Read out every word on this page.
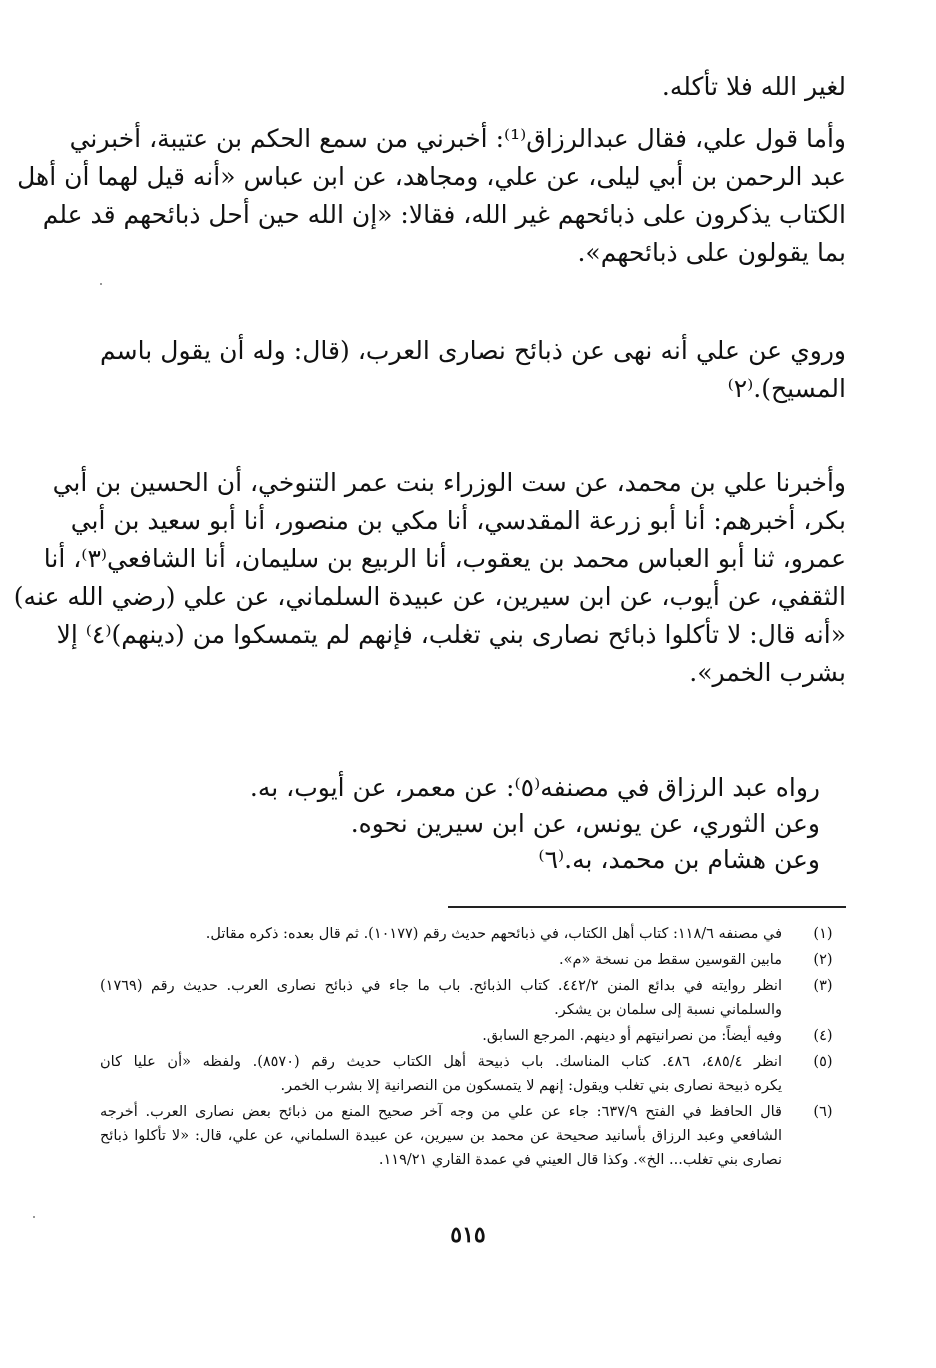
لغير الله فلا تأكله.
وأما قول علي، فقال عبدالرزاق⁽¹⁾: أخبرني من سمع الحكم بن عتيبة، أخبرني
عبد الرحمن بن أبي ليلى، عن علي، ومجاهد، عن ابن عباس «أنه قيل لهما أن أهل
الكتاب يذكرون على ذبائحهم غير الله، فقالا: «إن الله حين أحل ذبائحهم قد علم
بما يقولون على ذبائحهم».
وروي عن علي أنه نهى عن ذبائح نصارى العرب، (قال: وله أن يقول باسم
المسيح).⁽٢⁾
وأخبرنا علي بن محمد، عن ست الوزراء بنت عمر التنوخي، أن الحسين بن أبي
بكر، أخبرهم: أنا أبو زرعة المقدسي، أنا مكي بن منصور، أنا أبو سعيد بن أبي
عمرو، ثنا أبو العباس محمد بن يعقوب، أنا الربيع بن سليمان، أنا الشافعي⁽٣⁾، أنا
الثقفي، عن أيوب، عن ابن سيرين، عن عبيدة السلماني، عن علي (رضي الله عنه)
«أنه قال: لا تأكلوا ذبائح نصارى بني تغلب، فإنهم لم يتمسكوا من (دينهم)⁽٤⁾ إلا
بشرب الخمر».
رواه عبد الرزاق في مصنفه⁽٥⁾: عن معمر، عن أيوب، به.
وعن الثوري، عن يونس، عن ابن سيرين نحوه.
وعن هشام بن محمد، به.⁽٦⁾
(١)
في مصنفه ١١٨/٦: كتاب أهل الكتاب، في ذبائحهم حديث رقم (١٠١٧٧). ثم قال بعده: ذكره مقاتل.
(٢)
مابين القوسين سقط من نسخة «م».
(٣)
انظر روايته في بدائع المنن ٤٤٢/٢. كتاب الذبائح. باب ما جاء في ذبائح نصارى العرب. حديث رقم (١٧٦٩)
والسلماني نسبة إلى سلمان بن يشكر.
(٤)
وفيه أيضاً: من نصرانيتهم أو دينهم. المرجع السابق.
(٥)
انظر ٤٨٥/٤، ٤٨٦. كتاب المناسك. باب ذبيحة أهل الكتاب حديث رقم (٨٥٧٠). ولفظه «أن عليا كان
يكره ذبيحة نصارى بني تغلب ويقول: إنهم لا يتمسكون من النصرانية إلا بشرب الخمر.
(٦)
قال الحافظ في الفتح ٦٣٧/٩: جاء عن علي من وجه آخر صحيح المنع من ذبائح بعض نصارى العرب. أخرجه
الشافعي وعبد الرزاق بأسانيد صحيحة عن محمد بن سيرين، عن عبيدة السلماني، عن علي، قال: «لا تأكلوا ذبائح
نصارى بني تغلب... الخ». وكذا قال العيني في عمدة القاري ١١٩/٢١.
٥١٥
